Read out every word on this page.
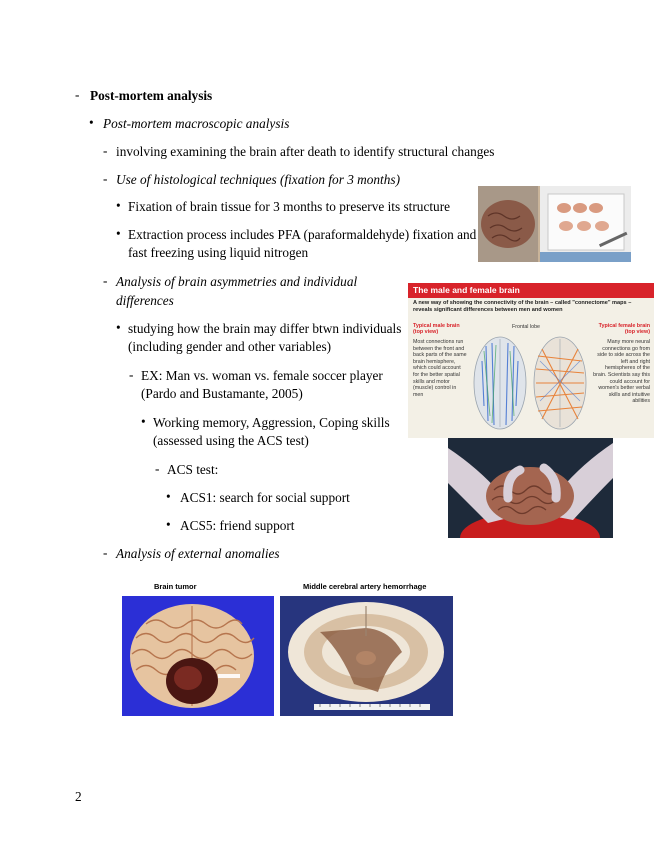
- Post-mortem analysis
• Post-mortem macroscopic analysis
- involving examining the brain after death to identify structural changes
- Use of histological techniques (fixation for 3 months)
• Fixation of brain tissue for 3 months to preserve its structure
• Extraction process includes PFA (paraformaldehyde) fixation and
fast freezing using liquid nitrogen
- Analysis of brain asymmetries and individual
differences
• studying how the brain may differ btwn individuals
(including gender and other variables)
- EX: Man vs. woman vs. female soccer player
(Pardo and Bustamante, 2005)
• Working memory, Aggression, Coping skills
(assessed using the ACS test)
- ACS test:
• ACS1: search for social support
• ACS5: friend support
- Analysis of external anomalies
The male and female brain
A new way of showing the connectivity of the brain – called "connectome" maps – reveals significant differences between men and women
Typical male brain
(top view)
Most connections run between the front and back parts of the same brain hemisphere, which could account for the better spatial skills and motor (muscle) control in men
Frontal lobe	Typical female brain
(top view)
Many more neural connections go from side to side across the left and right hemispheres of the brain. Scientists say this could account for women's better verbal skills and intuitive abilities
Brain tumor	Middle cerebral artery hemorrhage
2
